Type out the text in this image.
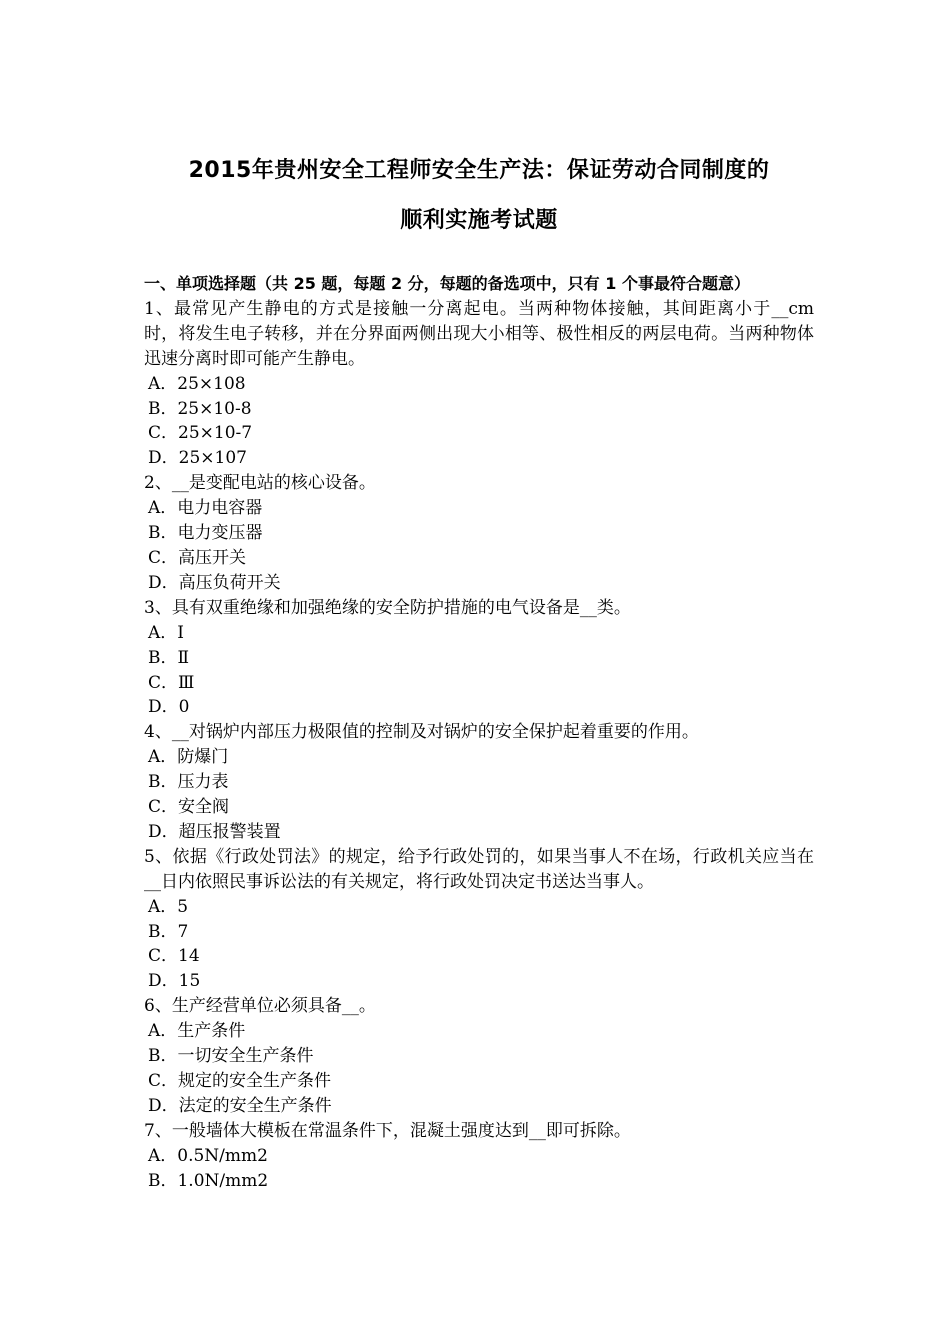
2015年贵州安全工程师安全生产法：保证劳动合同制度的
顺利实施考试题
一、单项选择题（共 25 题，每题 2 分，每题的备选项中，只有 1 个事最符合题意）
1、最常见产生静电的方式是接触一分离起电。当两种物体接触，其间距离小于__cm 时，将发生电子转移，并在分界面两侧出现大小相等、极性相反的两层电荷。当两种物体迅速分离时即可能产生静电。
A．25×108
B．25×10-8
C．25×10-7
D．25×107
2、__是变配电站的核心设备。
A．电力电容器
B．电力变压器
C．高压开关
D．高压负荷开关
3、具有双重绝缘和加强绝缘的安全防护措施的电气设备是__类。
A．Ⅰ
B．Ⅱ
C．Ⅲ
D．0
4、__对锅炉内部压力极限值的控制及对锅炉的安全保护起着重要的作用。
A．防爆门
B．压力表
C．安全阀
D．超压报警装置
5、依据《行政处罚法》的规定，给予行政处罚的，如果当事人不在场，行政机关应当在__日内依照民事诉讼法的有关规定，将行政处罚决定书送达当事人。
A．5
B．7
C．14
D．15
6、生产经营单位必须具备__。
A．生产条件
B．一切安全生产条件
C．规定的安全生产条件
D．法定的安全生产条件
7、一般墙体大模板在常温条件下，混凝土强度达到__即可拆除。
A．0.5N/mm2
B．1.0N/mm2
